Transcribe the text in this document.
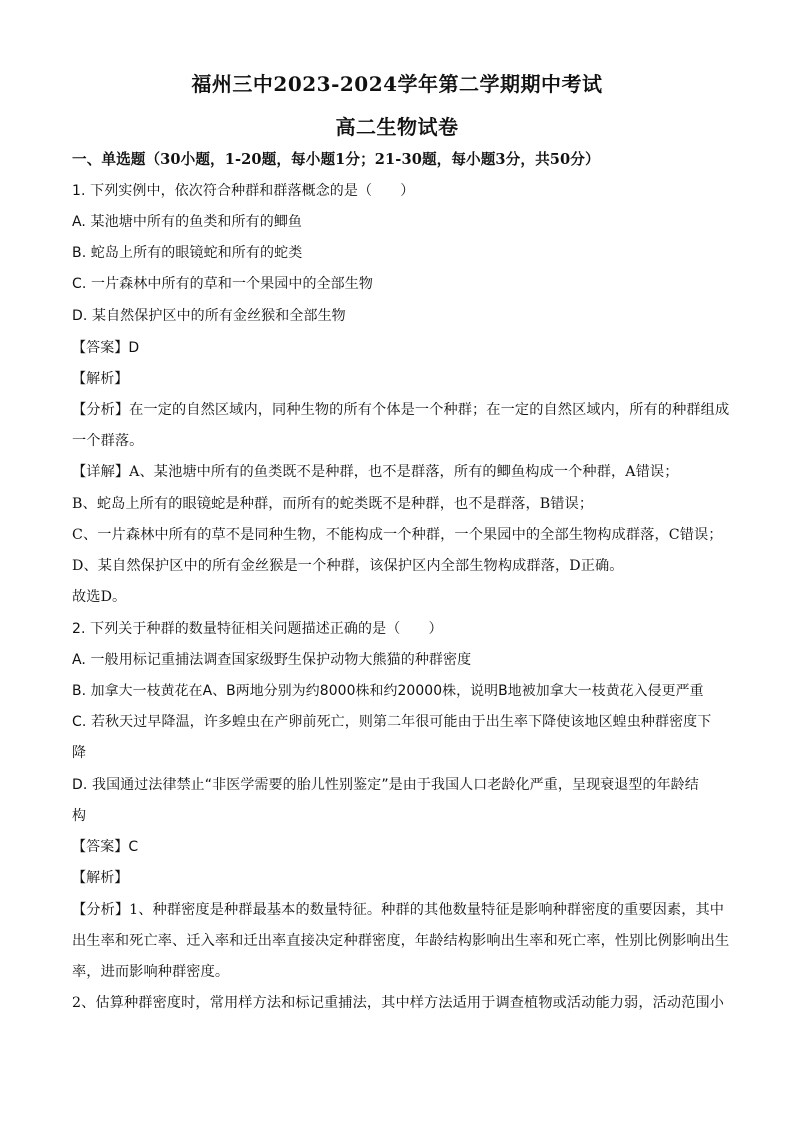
福州三中2023-2024学年第二学期期中考试
高二生物试卷
一、单选题（30小题，1-20题，每小题1分；21-30题，每小题3分，共50分）
1. 下列实例中，依次符合种群和群落概念的是（　　）
A. 某池塘中所有的鱼类和所有的鲫鱼
B. 蛇岛上所有的眼镜蛇和所有的蛇类
C. 一片森林中所有的草和一个果园中的全部生物
D. 某自然保护区中的所有金丝猴和全部生物
【答案】D
【解析】
【分析】在一定的自然区域内，同种生物的所有个体是一个种群；在一定的自然区域内，所有的种群组成
一个群落。
【详解】A、某池塘中所有的鱼类既不是种群，也不是群落，所有的鲫鱼构成一个种群，A错误；
B、蛇岛上所有的眼镜蛇是种群，而所有的蛇类既不是种群，也不是群落，B错误；
C、一片森林中所有的草不是同种生物，不能构成一个种群，一个果园中的全部生物构成群落，C错误；
D、某自然保护区中的所有金丝猴是一个种群，该保护区内全部生物构成群落，D正确。
故选D。
2. 下列关于种群的数量特征相关问题描述正确的是（　　）
A. 一般用标记重捕法调查国家级野生保护动物大熊猫的种群密度
B. 加拿大一枝黄花在A、B两地分别为约8000株和约20000株，说明B地被加拿大一枝黄花入侵更严重
C. 若秋天过早降温，许多蝗虫在产卵前死亡，则第二年很可能由于出生率下降使该地区蝗虫种群密度下
降
D. 我国通过法律禁止“非医学需要的胎儿性别鉴定”是由于我国人口老龄化严重，呈现衰退型的年龄结
构
【答案】C
【解析】
【分析】1、种群密度是种群最基本的数量特征。种群的其他数量特征是影响种群密度的重要因素，其中
出生率和死亡率、迁入率和迁出率直接决定种群密度，年龄结构影响出生率和死亡率，性别比例影响出生
率，进而影响种群密度。
2、估算种群密度时，常用样方法和标记重捕法，其中样方法适用于调查植物或活动能力弱，活动范围小
